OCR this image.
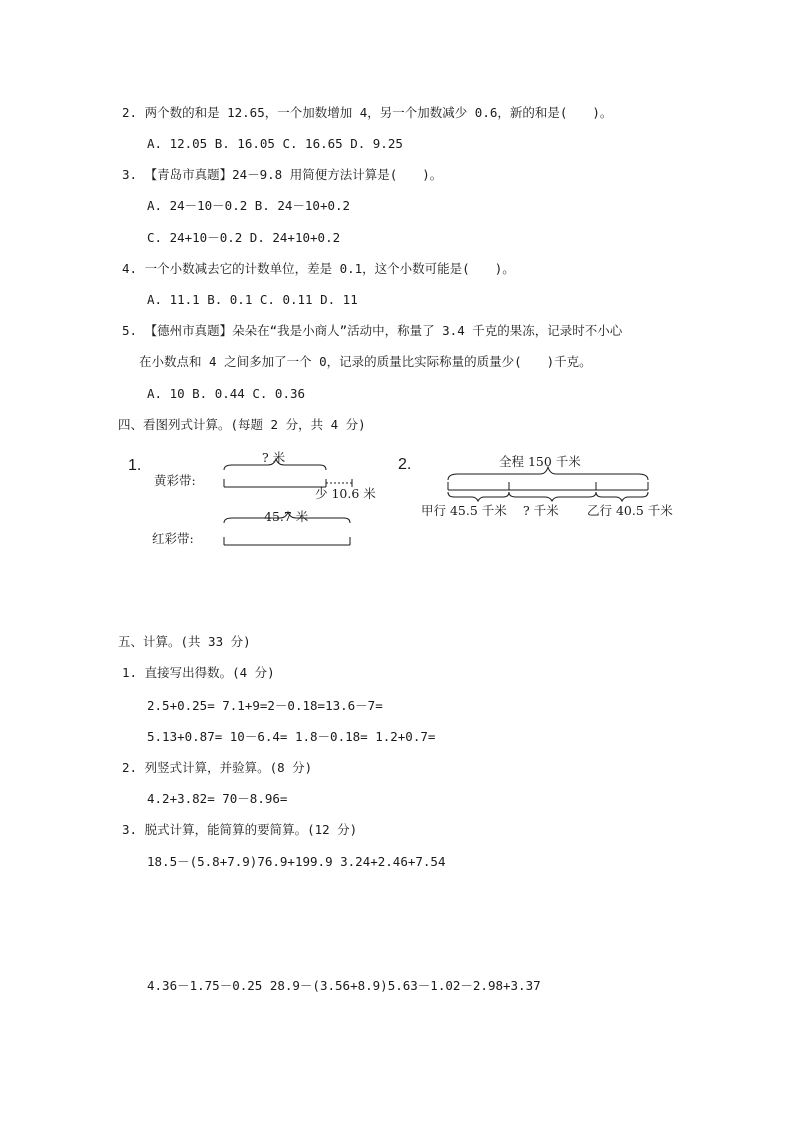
2. 两个数的和是 12.65，一个加数增加 4，另一个加数减少 0.6，新的和是(　　)。
A. 12.05 B. 16.05 C. 16.65 D. 9.25
3. 【青岛市真题】24－9.8 用简便方法计算是(　　)。
A. 24－10－0.2 B. 24－10+0.2
C. 24+10－0.2 D. 24+10+0.2
4. 一个小数减去它的计数单位，差是 0.1，这个小数可能是(　　)。
A. 11.1 B. 0.1 C. 0.11 D. 11
5. 【德州市真题】朵朵在“我是小商人”活动中，称量了 3.4 千克的果冻，记录时不小心
在小数点和 4 之间多加了一个 0，记录的质量比实际称量的质量少(　　)千克。
A. 10 B. 0.44 C. 0.36
四、看图列式计算。(每题 2 分，共 4 分)
1.
黄彩带:
红彩带:
? 米
少 10.6 米
45.7 米
全程 150 千米
甲行 45.5 千米 ? 千米 乙行 40.5 千米
2.
五、计算。(共 33 分)
1. 直接写出得数。(4 分)
2.5+0.25= 7.1+9=2－0.18=13.6－7=
5.13+0.87= 10－6.4= 1.8－0.18= 1.2+0.7=
2. 列竖式计算，并验算。(8 分)
4.2+3.82= 70－8.96=
3. 脱式计算，能简算的要简算。(12 分)
18.5－(5.8+7.9)76.9+199.9 3.24+2.46+7.54
4.36－1.75－0.25 28.9－(3.56+8.9)5.63－1.02－2.98+3.37
